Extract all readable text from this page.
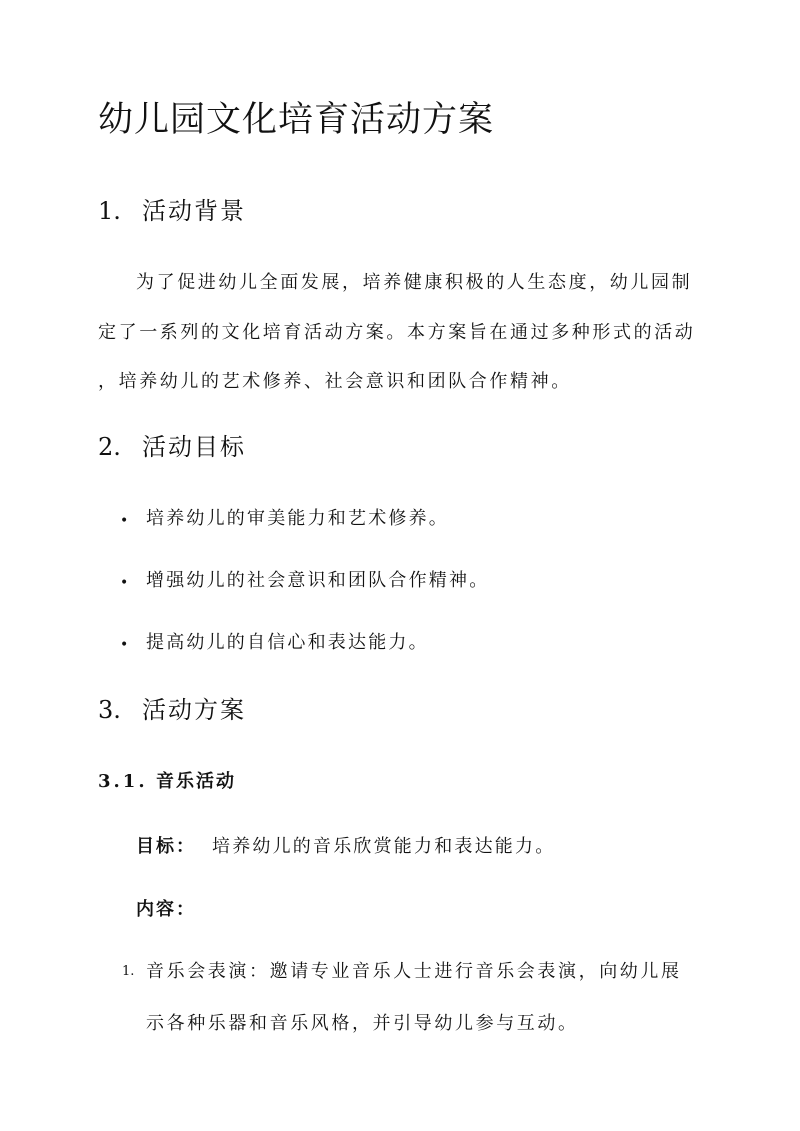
幼儿园文化培育活动方案
1. 活动背景
为了促进幼儿全面发展，培养健康积极的人生态度，幼儿园制
定了一系列的文化培育活动方案。本方案旨在通过多种形式的活动
，培养幼儿的艺术修养、社会意识和团队合作精神。
2. 活动目标
• 培养幼儿的审美能力和艺术修养。
• 增强幼儿的社会意识和团队合作精神。
• 提高幼儿的自信心和表达能力。
3. 活动方案
3.1. 音乐活动
目标： 培养幼儿的音乐欣赏能力和表达能力。
内容：
1. 音乐会表演：邀请专业音乐人士进行音乐会表演，向幼儿展
示各种乐器和音乐风格，并引导幼儿参与互动。
